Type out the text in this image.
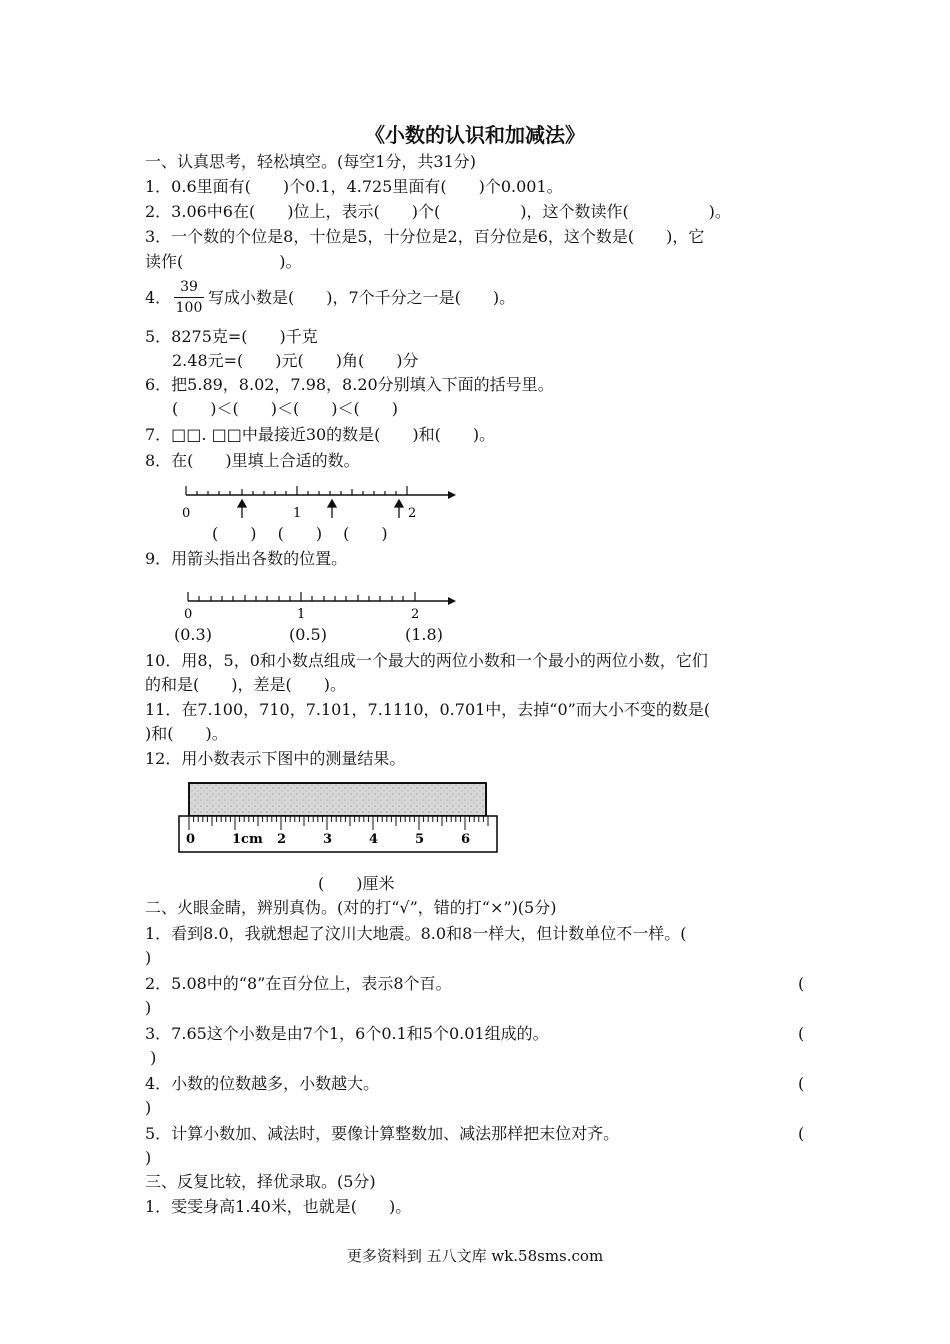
《小数的认识和加减法》
一、认真思考，轻松填空。(每空1分，共31分)
1．0.6里面有(　　)个0.1，4.725里面有(　　)个0.001。
2．3.06中6在(　　)位上，表示(　　)个(　　　　　)，这个数读作(　　　　　)。
3．一个数的个位是8，十位是5，十分位是2，百分位是6，这个数是(　　)，它
读作(　　　　　　)。
4．
39
100
写成小数是(　　)，7个千分之一是(　　)。
5．8275克=(　　)千克
2.48元=(　　)元(　　)角(　　)分
6．把5.89，8.02，7.98，8.20分别填入下面的括号里。
(　　)＜(　　)＜(　　)＜(　　)
7．□□. □□中最接近30的数是(　　)和(　　)。
8．在(　　)里填上合适的数。
0	1	2
(　　)　 (　　)　 (　　)
9．用箭头指出各数的位置。
0	1	2
(0.3)	(0.5)	(1.8)
10．用8，5，0和小数点组成一个最大的两位小数和一个最小的两位小数，它们
的和是(　　)，差是(　　)。
11．在7.100，710，7.101，7.1110，0.701中，去掉“0”而大小不变的数是(
)和(　　)。
12．用小数表示下图中的测量结果。
0	1cm 2	3	4	5	6
(　　)厘米
二、火眼金睛，辨别真伪。(对的打“√”，错的打“×”)(5分)
1．看到8.0，我就想起了汶川大地震。8.0和8一样大，但计数单位不一样。(
)
2．5.08中的“8”在百分位上，表示8个百。	(
)
3．7.65这个小数是由7个1，6个0.1和5个0.01组成的。	(
)
4．小数的位数越多，小数越大。	(
)
5．计算小数加、减法时，要像计算整数加、减法那样把末位对齐。	(
)
三、反复比较，择优录取。(5分)
1．雯雯身高1.40米，也就是(　　)。
更多资料到 五八文库 wk.58sms.com
